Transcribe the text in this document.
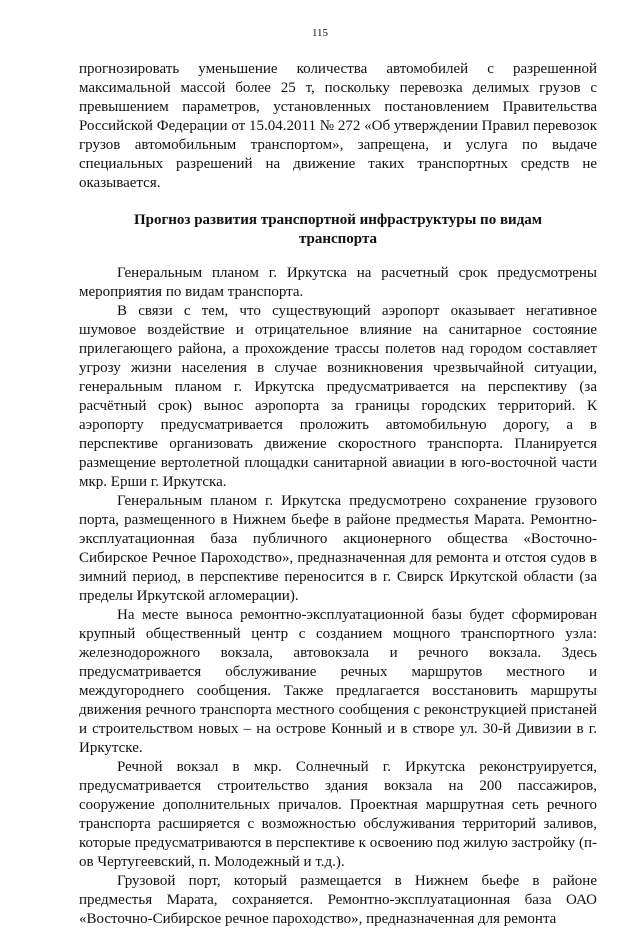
115

прогнозировать уменьшение количества автомобилей с разрешенной максимальной массой более 25 т, поскольку перевозка делимых грузов с превышением параметров, установленных постановлением Правительства Российской Федерации от 15.04.2011 № 272 «Об утверждении Правил перевозок грузов автомобильным транспортом», запрещена, и услуга по выдаче специальных разрешений на движение таких транспортных средств не оказывается.

Прогноз развития транспортной инфраструктуры по видам транспорта

Генеральным планом г. Иркутска на расчетный срок предусмотрены мероприятия по видам транспорта.

В связи с тем, что существующий аэропорт оказывает негативное шумовое воздействие и отрицательное влияние на санитарное состояние прилегающего района, а прохождение трассы полетов над городом составляет угрозу жизни населения в случае возникновения чрезвычайной ситуации, генеральным планом г. Иркутска предусматривается на перспективу (за расчётный срок) вынос аэропорта за границы городских территорий. К аэропорту предусматривается проложить автомобильную дорогу, а в перспективе организовать движение скоростного транспорта. Планируется размещение вертолетной площадки санитарной авиации в юго-восточной части мкр. Ерши г. Иркутска.

Генеральным планом г. Иркутска предусмотрено сохранение грузового порта, размещенного в Нижнем бьефе в районе предместья Марата. Ремонтно-эксплуатационная база публичного акционерного общества «Восточно-Сибирское Речное Пароходство», предназначенная для ремонта и отстоя судов в зимний период, в перспективе переносится в г. Свирск Иркутской области (за пределы Иркутской агломерации).

На месте выноса ремонтно-эксплуатационной базы будет сформирован крупный общественный центр с созданием мощного транспортного узла: железнодорожного вокзала, автовокзала и речного вокзала. Здесь предусматривается обслуживание речных маршрутов местного и междугороднего сообщения. Также предлагается восстановить маршруты движения речного транспорта местного сообщения с реконструкцией пристаней и строительством новых – на острове Конный и в створе ул. 30-й Дивизии в г. Иркутске.

Речной вокзал в мкр. Солнечный г. Иркутска реконструируется, предусматривается строительство здания вокзала на 200 пассажиров, сооружение дополнительных причалов. Проектная маршрутная сеть речного транспорта расширяется с возможностью обслуживания территорий заливов, которые предусматриваются в перспективе к освоению под жилую застройку (п-ов Чертугеевский, п. Молодежный и т.д.).

Грузовой порт, который размещается в Нижнем бьефе в районе предместья Марата, сохраняется. Ремонтно-эксплуатационная база ОАО «Восточно-Сибирское речное пароходство», предназначенная для ремонта
